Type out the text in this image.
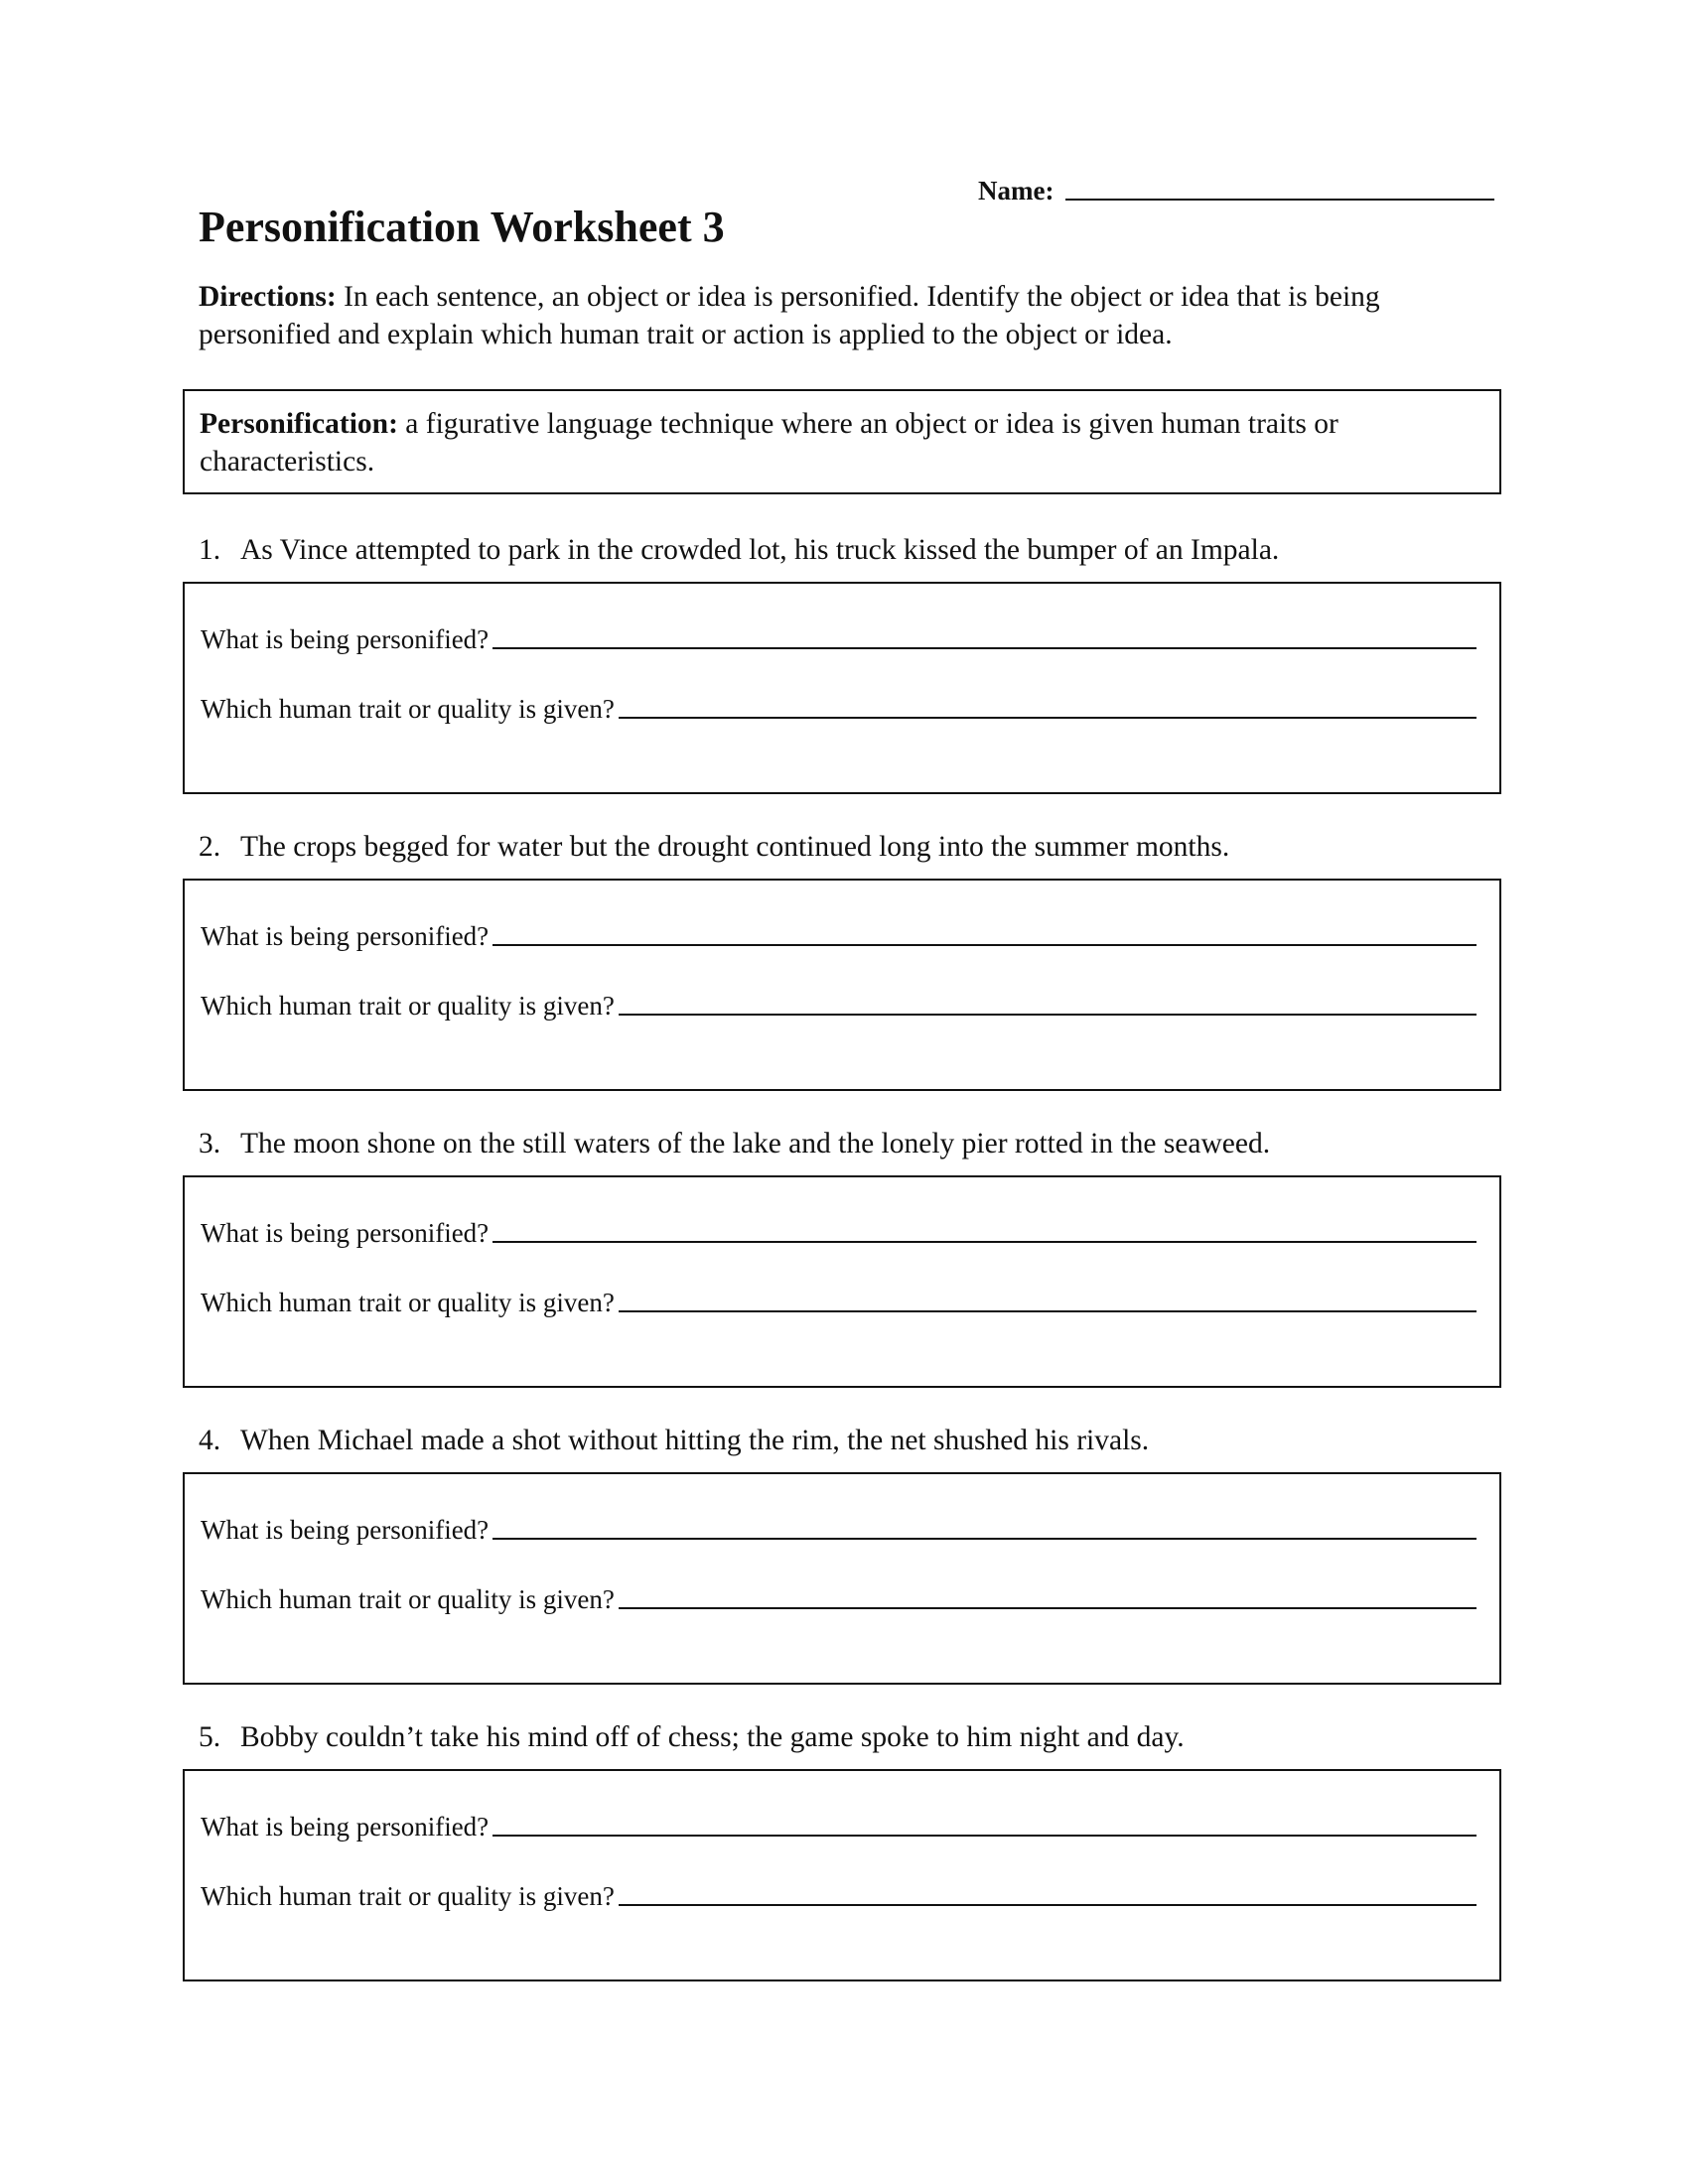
Name:
Personification Worksheet 3

Directions: In each sentence, an object or idea is personified. Identify the object or idea that is being personified and explain which human trait or action is applied to the object or idea.

Personification: a figurative language technique where an object or idea is given human traits or characteristics.

1. As Vince attempted to park in the crowded lot, his truck kissed the bumper of an Impala.

What is being personified?
Which human trait or quality is given?

2. The crops begged for water but the drought continued long into the summer months.

What is being personified?
Which human trait or quality is given?

3. The moon shone on the still waters of the lake and the lonely pier rotted in the seaweed.

What is being personified?
Which human trait or quality is given?

4. When Michael made a shot without hitting the rim, the net shushed his rivals.

What is being personified?
Which human trait or quality is given?

5. Bobby couldn’t take his mind off of chess; the game spoke to him night and day.

What is being personified?
Which human trait or quality is given?
